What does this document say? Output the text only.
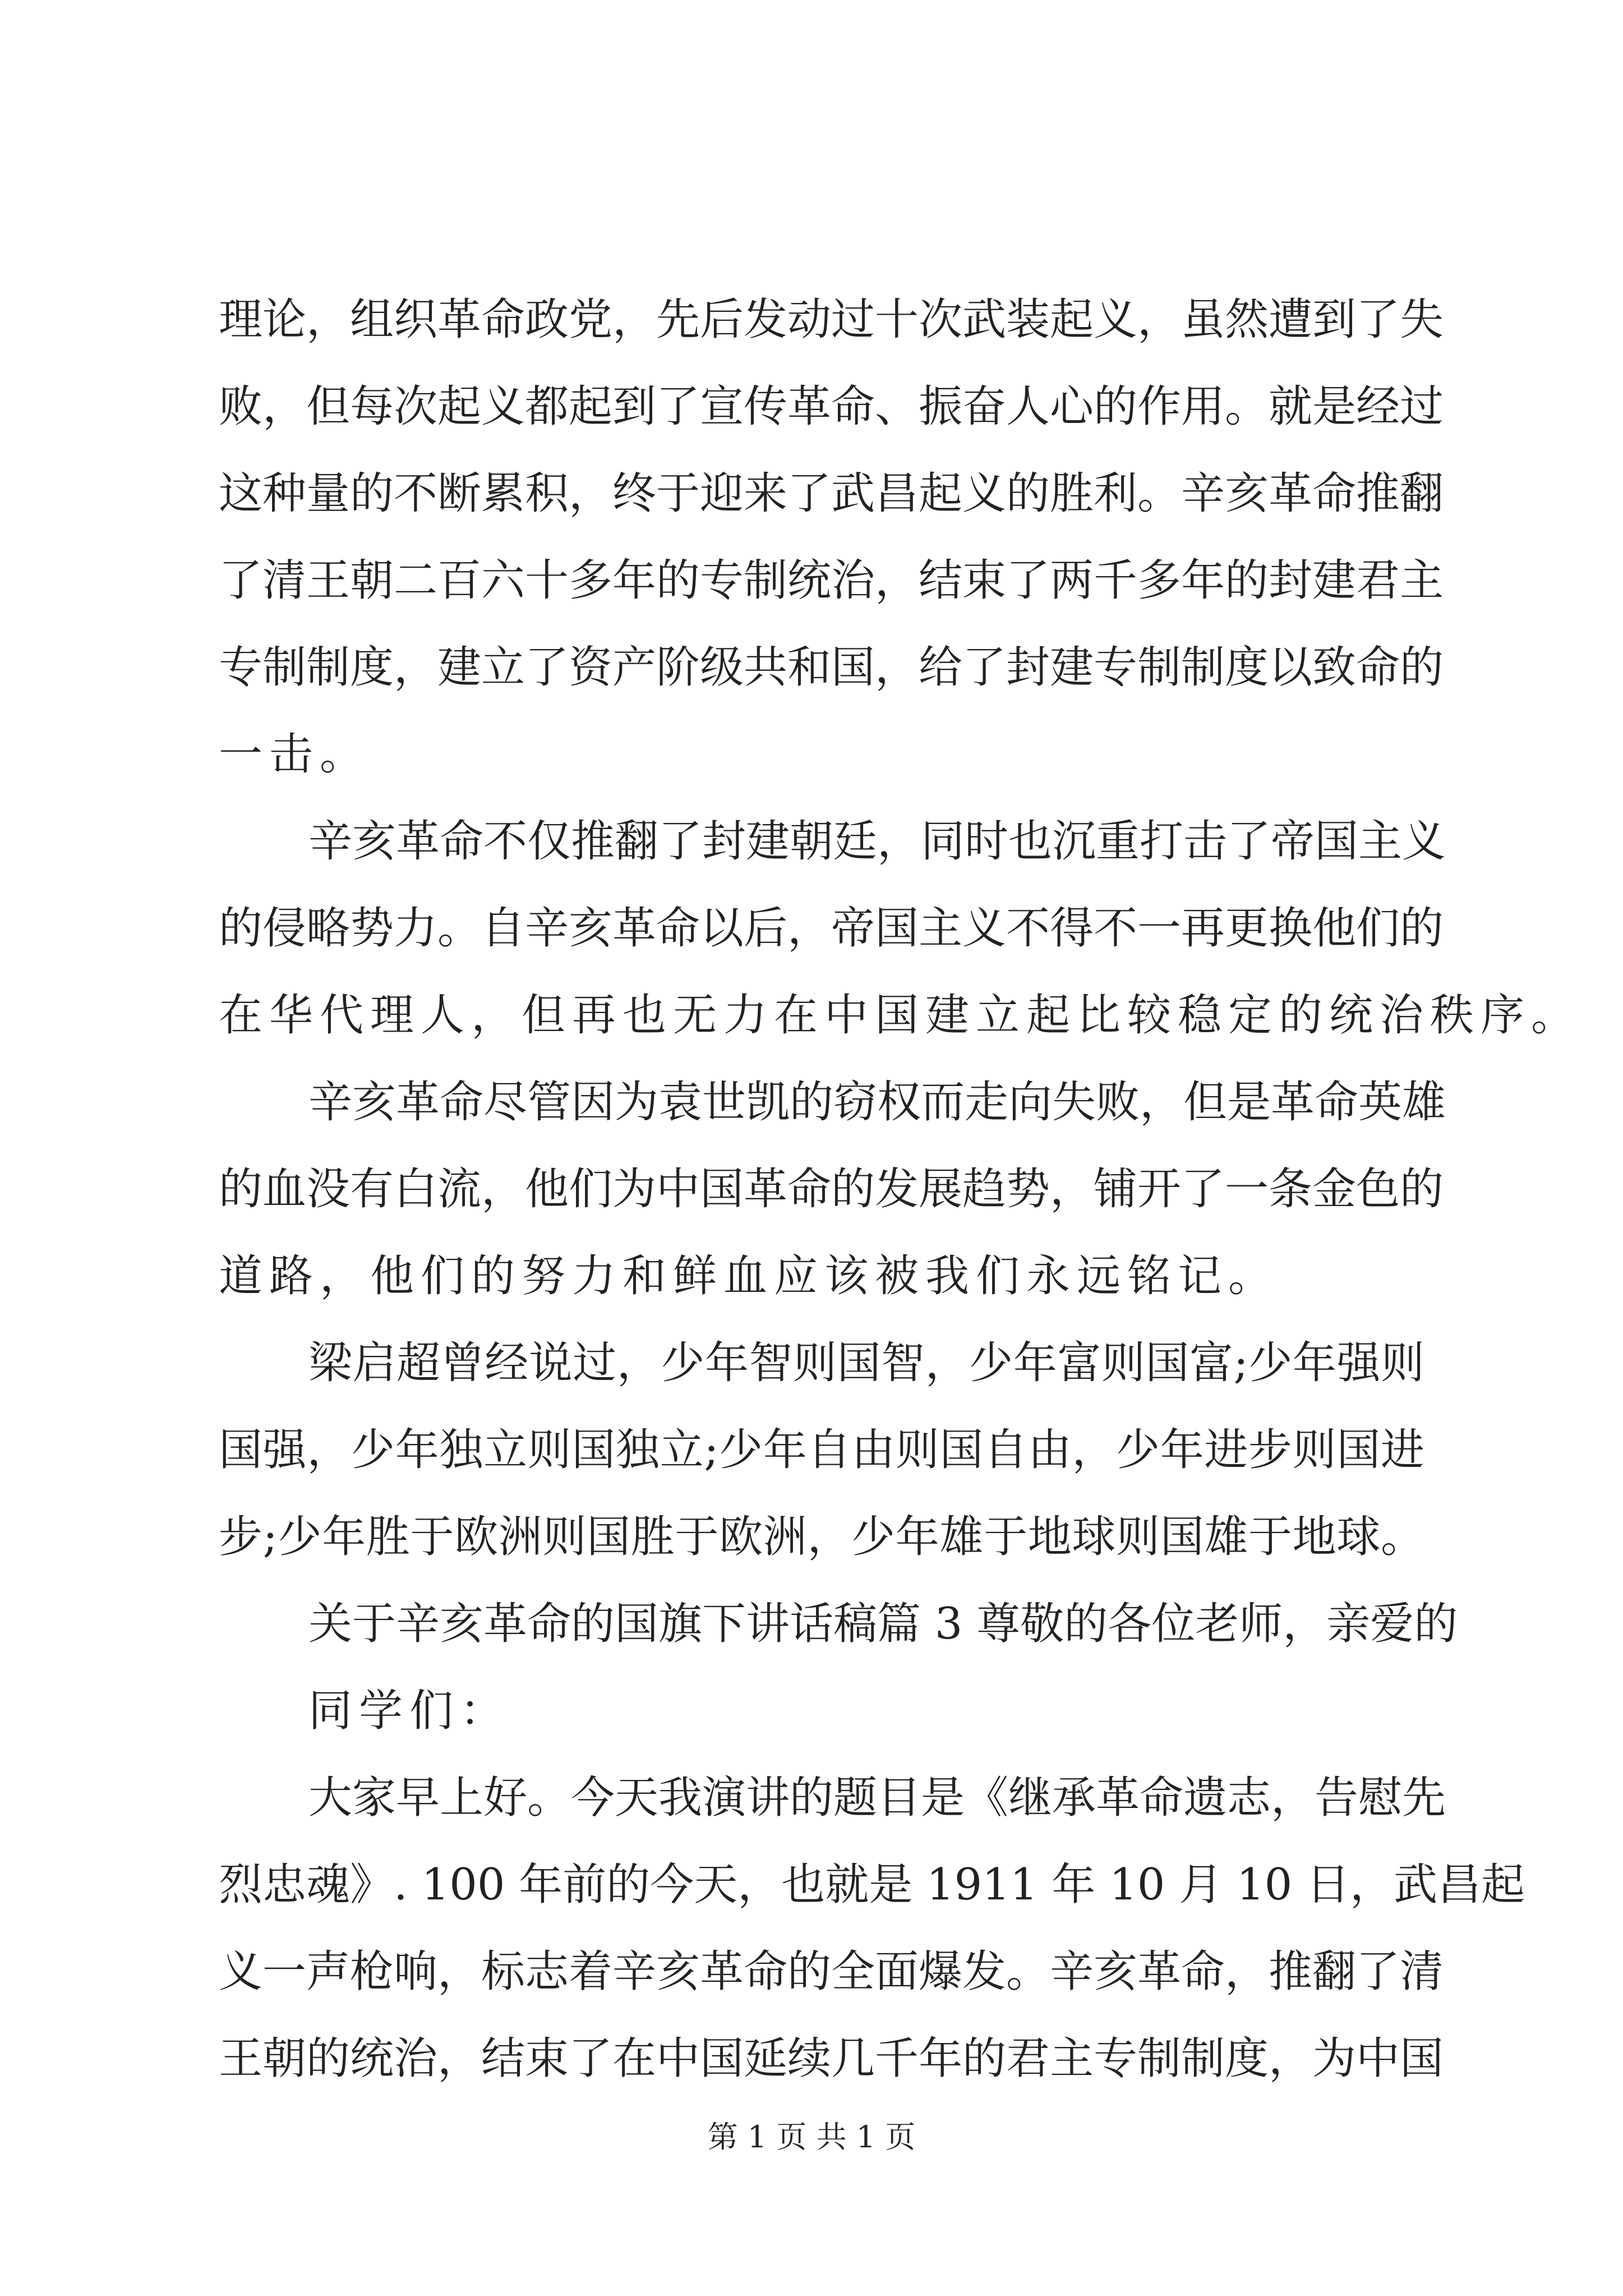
理论，组织革命政党，先后发动过十次武装起义，虽然遭到了失
败，但每次起义都起到了宣传革命、振奋人心的作用。就是经过
这种量的不断累积，终于迎来了武昌起义的胜利。辛亥革命推翻
了清王朝二百六十多年的专制统治，结束了两千多年的封建君主
专制制度，建立了资产阶级共和国，给了封建专制制度以致命的
一击。
辛亥革命不仅推翻了封建朝廷，同时也沉重打击了帝国主义
的侵略势力。自辛亥革命以后，帝国主义不得不一再更换他们的
在华代理人，但再也无力在中国建立起比较稳定的统治秩序。
辛亥革命尽管因为袁世凯的窃权而走向失败，但是革命英雄
的血没有白流，他们为中国革命的发展趋势，铺开了一条金色的
道路，他们的努力和鲜血应该被我们永远铭记。
梁启超曾经说过，少年智则国智，少年富则国富;少年强则
国强，少年独立则国独立;少年自由则国自由，少年进步则国进
步;少年胜于欧洲则国胜于欧洲，少年雄于地球则国雄于地球。
关于辛亥革命的国旗下讲话稿篇 3 尊敬的各位老师，亲爱的
同学们：
大家早上好。今天我演讲的题目是《继承革命遗志，告慰先
烈忠魂》. 100 年前的今天，也就是 1911 年 10 月 10 日，武昌起
义一声枪响，标志着辛亥革命的全面爆发。辛亥革命，推翻了清
王朝的统治，结束了在中国延续几千年的君主专制制度，为中国
第 1 页 共 1 页
